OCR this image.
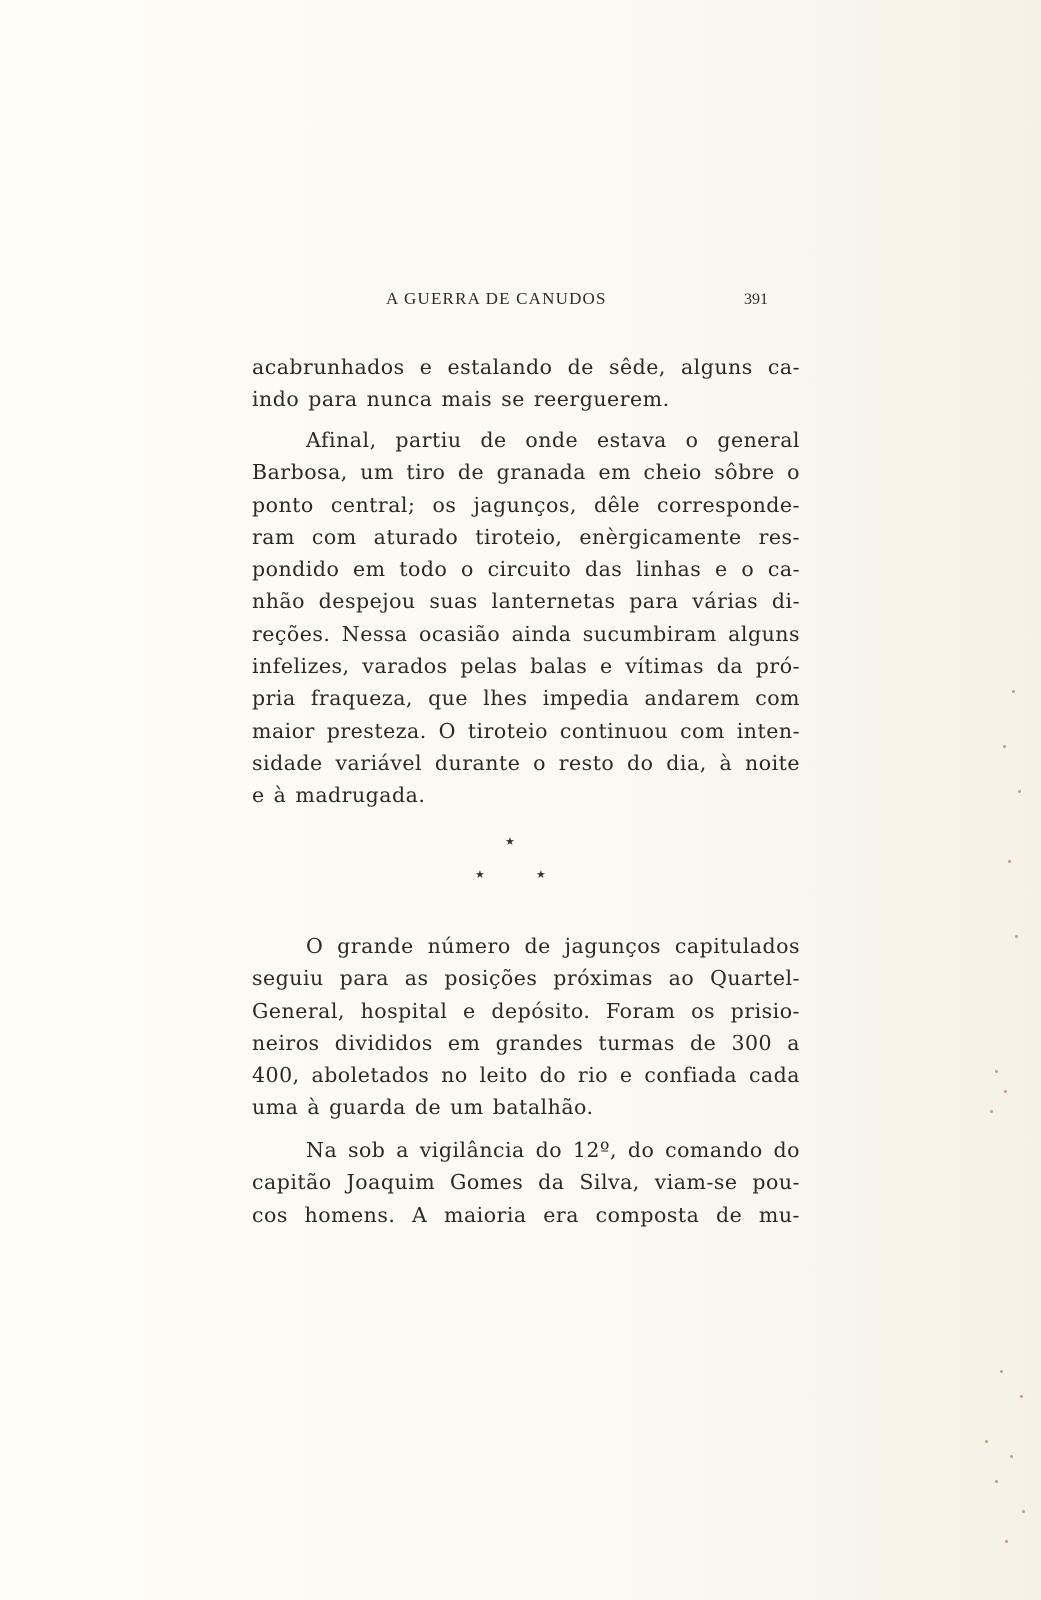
A GUERRA DE CANUDOS	391
acabrunhados e estalando de sêde, alguns ca-
indo para nunca mais se reerguerem.
Afinal, partiu de onde estava o general
Barbosa, um tiro de granada em cheio sôbre o
ponto central; os jagunços, dêle corresponde-
ram com aturado tiroteio, enèrgicamente res-
pondido em todo o circuito das linhas e o ca-
nhão despejou suas lanternetas para várias di-
reções. Nessa ocasião ainda sucumbiram alguns
infelizes, varados pelas balas e vítimas da pró-
pria fraqueza, que lhes impedia andarem com
maior presteza. O tiroteio continuou com inten-
sidade variável durante o resto do dia, à noite
e à madrugada.
★
★	★
O grande número de jagunços capitulados
seguiu para as posições próximas ao Quartel-
General, hospital e depósito. Foram os prisio-
neiros divididos em grandes turmas de 300 a
400, aboletados no leito do rio e confiada cada
uma à guarda de um batalhão.
Na sob a vigilância do 12º, do comando do
capitão Joaquim Gomes da Silva, viam-se pou-
cos homens. A maioria era composta de mu-
